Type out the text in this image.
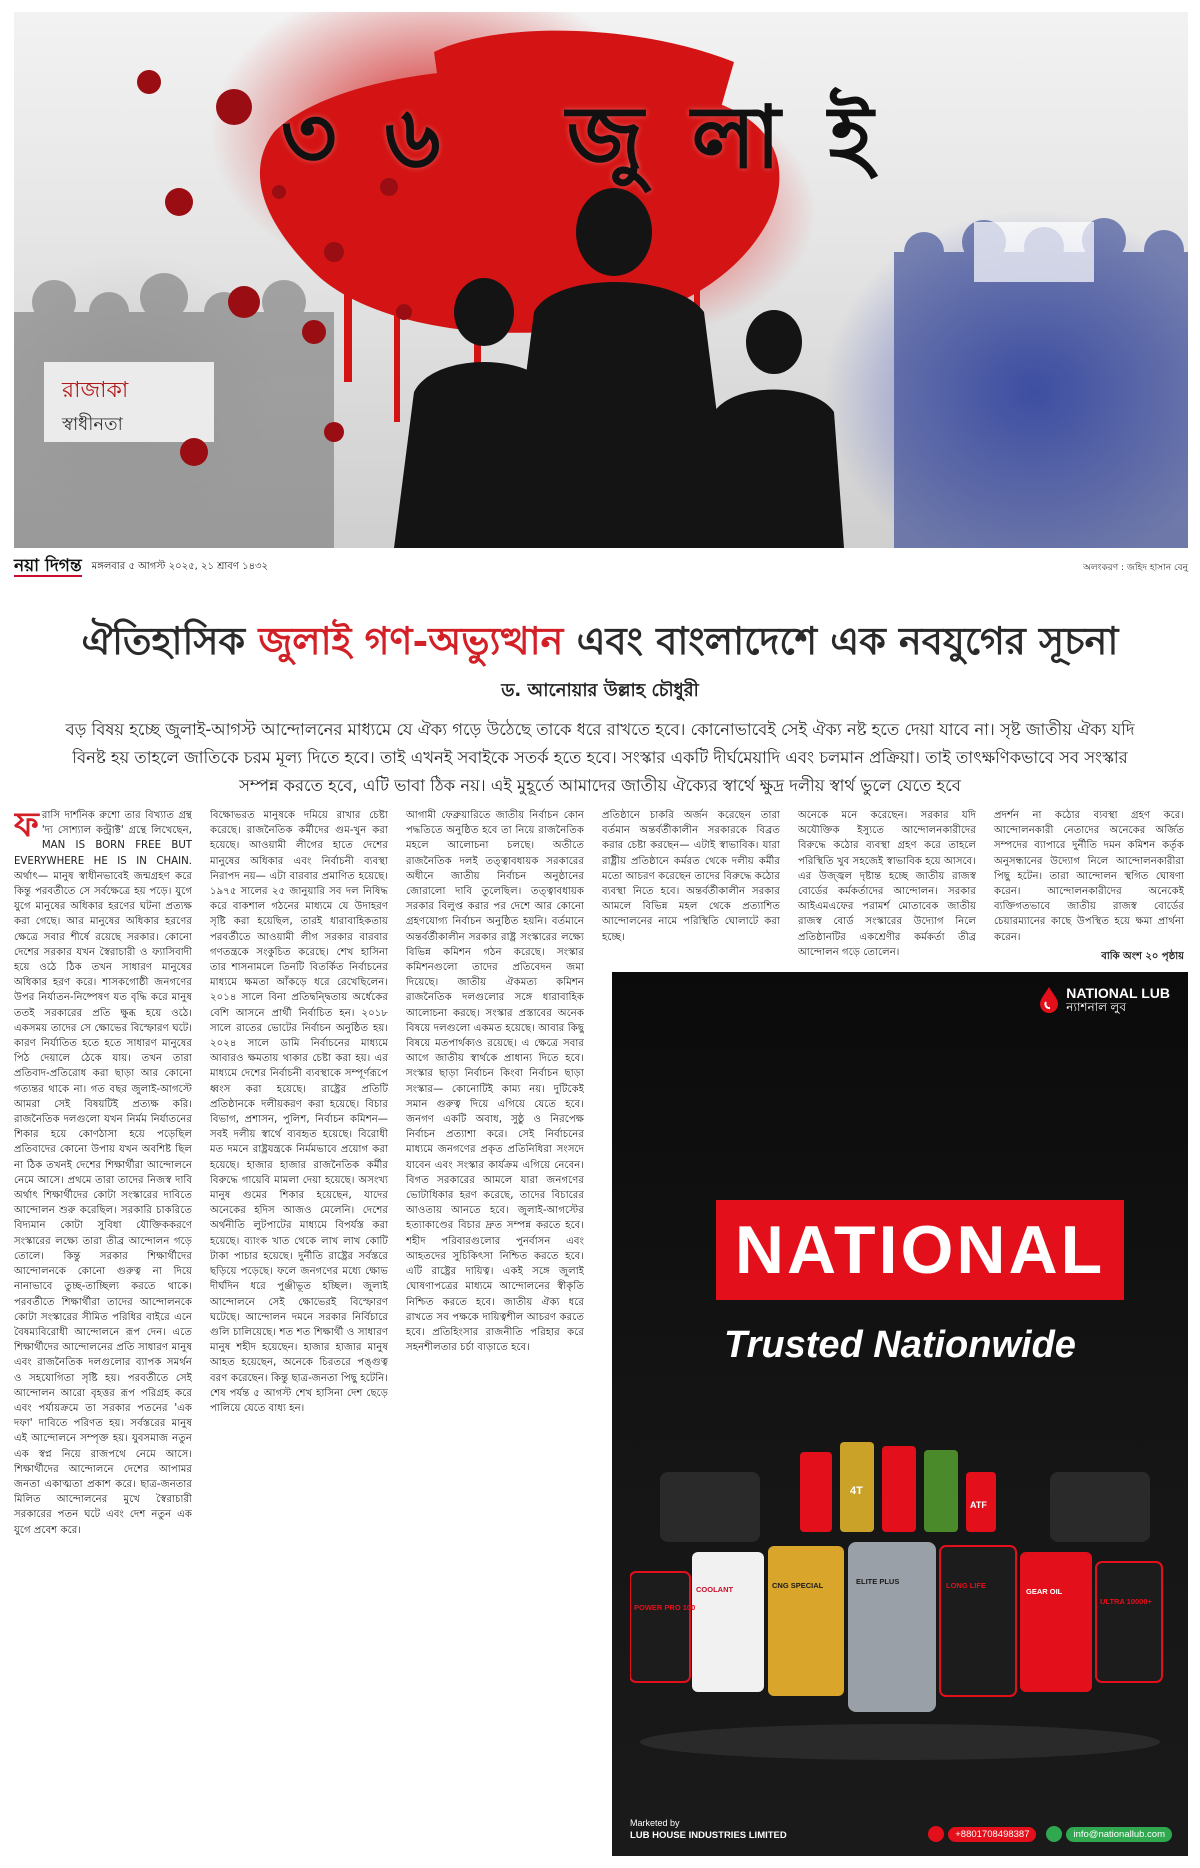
রাজাকা
স্বাধীনতা
৩৬ জুলাই
নয়া দিগন্ত মঙ্গলবার ৫ আগস্ট ২০২৫, ২১ শ্রাবণ ১৪৩২	অলংকরণ : জহিদ হাসান বেনু
ঐতিহাসিক জুলাই গণ-অভ্যুত্থান এবং বাংলাদেশে এক নবযুগের সূচনা
ড. আনোয়ার উল্লাহ চৌধুরী

বড় বিষয় হচ্ছে জুলাই-আগস্ট আন্দোলনের মাধ্যমে যে ঐক্য গড়ে উঠেছে তাকে ধরে রাখতে হবে। কোনোভাবেই সেই ঐক্য নষ্ট হতে দেয়া যাবে না। সৃষ্ট জাতীয় ঐক্য যদি বিনষ্ট হয় তাহলে জাতিকে চরম মূল্য দিতে হবে। তাই এখনই সবাইকে সতর্ক হতে হবে। সংস্কার একটি দীর্ঘমেয়াদি এবং চলমান প্রক্রিয়া। তাই তাৎক্ষণিকভাবে সব সংস্কার সম্পন্ন করতে হবে, এটি ভাবা ঠিক নয়। এই মুহূর্তে আমাদের জাতীয় ঐক্যের স্বার্থে ক্ষুদ্র দলীয় স্বার্থ ভুলে যেতে হবে

ফরাসি দার্শনিক রুশো তার বিখ্যাত গ্রন্থ 'দ্য সোশ্যাল কন্ট্রাক্ট' গ্রন্থে লিখেছেন, MAN IS BORN FREE BUT EVERYWHERE HE IS IN CHAIN. অর্থাৎ— মানুষ স্বাধীনভাবেই জন্মগ্রহণ করে কিন্তু পরবর্তীতে সে সর্বক্ষেত্রে হয় পড়ে। যুগে যুগে মানুষের অধিকার হরণের ঘটনা প্রত্যক্ষ করা গেছে। আর মানুষের অধিকার হরণের ক্ষেত্রে সবার শীর্ষে রয়েছে সরকার। কোনো দেশের সরকার যখন স্বৈরাচারী ও ফ্যাসিবাদী হয়ে ওঠে ঠিক তখন সাধারণ মানুষের অধিকার হরণ করে। শাসকগোষ্ঠী জনগণের উপর নির্যাতন-নিষ্পেষণ যত বৃদ্ধি করে মানুষ ততই সরকারের প্রতি ক্ষুব্ধ হয়ে ওঠে। একসময় তাদের সে ক্ষোভের বিস্ফোরণ ঘটে। কারণ নির্যাতিত হতে হতে সাধারণ মানুষের পিঠ দেয়ালে ঠেকে যায়। তখন তারা প্রতিবাদ-প্রতিরোধ করা ছাড়া আর কোনো গত্যন্তর থাকে না। গত বছর জুলাই-আগস্টে আমরা সেই বিষয়টিই প্রত্যক্ষ করি। রাজনৈতিক দলগুলো যখন নির্মম নির্যাতনের শিকার হয়ে কোণঠাসা হয়ে পড়েছিল প্রতিবাদের কোনো উপায় যখন অবশিষ্ট ছিল না ঠিক তখনই দেশের শিক্ষার্থীরা আন্দোলনে নেমে আসে। প্রথমে তারা তাদের নিজস্ব দাবি অর্থাৎ শিক্ষার্থীদের কোটা সংস্কারের দাবিতে আন্দোলন শুরু করেছিল। সরকারি চাকরিতে বিদ্যমান কোটা সুবিধা যৌক্তিককরণে সংস্কারের লক্ষ্যে তারা তীব্র আন্দোলন গড়ে তোলে। কিন্তু সরকার শিক্ষার্থীদের আন্দোলনকে কোনো গুরুত্ব না দিয়ে নানাভাবে তুচ্ছ-তাচ্ছিল্য করতে থাকে। পরবর্তীতে শিক্ষার্থীরা তাদের আন্দোলনকে কোটা সংস্কারের সীমিত পরিধির বাইরে এনে বৈষম্যবিরোধী আন্দোলনে রূপ দেন। এতে শিক্ষার্থীদের আন্দোলনের প্রতি সাধারণ মানুষ এবং রাজনৈতিক দলগুলোর ব্যাপক সমর্থন ও সহযোগিতা সৃষ্টি হয়। পরবর্তীতে সেই আন্দোলন আরো বৃহত্তর রূপ পরিগ্রহ করে এবং পর্যায়ক্রমে তা সরকার পতনের 'এক দফা' দাবিতে পরিণত হয়। সর্বস্তরের মানুষ এই আন্দোলনে সম্পৃক্ত হয়। যুবসমাজ নতুন এক স্বপ্ন নিয়ে রাজপথে নেমে আসে। শিক্ষার্থীদের আন্দোলনে দেশের আপামর জনতা একাত্মতা প্রকাশ করে। ছাত্র-জনতার মিলিত আন্দোলনের মুখে স্বৈরাচারী সরকারের পতন ঘটে এবং দেশ নতুন এক যুগে প্রবেশ করে।
বিক্ষোভরত মানুষকে দমিয়ে রাখার চেষ্টা করেছে। রাজনৈতিক কর্মীদের গুম-খুন করা হয়েছে। আওয়ামী লীগের হাতে দেশের মানুষের অধিকার এবং নির্বাচনী ব্যবস্থা নিরাপদ নয়— এটা বারবার প্রমাণিত হয়েছে। ১৯৭৫ সালের ২৫ জানুয়ারি সব দল নিষিদ্ধ করে বাকশাল গঠনের মাধ্যমে যে উদাহরণ সৃষ্টি করা হয়েছিল, তারই ধারাবাহিকতায় পরবর্তীতে আওয়ামী লীগ সরকার বারবার গণতন্ত্রকে সংকুচিত করেছে। শেখ হাসিনা তার শাসনামলে তিনটি বিতর্কিত নির্বাচনের মাধ্যমে ক্ষমতা আঁকড়ে ধরে রেখেছিলেন। ২০১৪ সালে বিনা প্রতিদ্বন্দ্বিতায় অর্ধেকের বেশি আসনে প্রার্থী নির্বাচিত হন। ২০১৮ সালে রাতের ভোটের নির্বাচন অনুষ্ঠিত হয়। ২০২৪ সালে ডামি নির্বাচনের মাধ্যমে আবারও ক্ষমতায় থাকার চেষ্টা করা হয়। এর মাধ্যমে দেশের নির্বাচনী ব্যবস্থাকে সম্পূর্ণরূপে ধ্বংস করা হয়েছে। রাষ্ট্রের প্রতিটি প্রতিষ্ঠানকে দলীয়করণ করা হয়েছে। বিচার বিভাগ, প্রশাসন, পুলিশ, নির্বাচন কমিশন— সবই দলীয় স্বার্থে ব্যবহৃত হয়েছে। বিরোধী মত দমনে রাষ্ট্রযন্ত্রকে নির্মমভাবে প্রয়োগ করা হয়েছে। হাজার হাজার রাজনৈতিক কর্মীর বিরুদ্ধে গায়েবি মামলা দেয়া হয়েছে। অসংখ্য মানুষ গুমের শিকার হয়েছেন, যাদের অনেকের হদিস আজও মেলেনি। দেশের অর্থনীতি লুটপাটের মাধ্যমে বিপর্যস্ত করা হয়েছে। ব্যাংক খাত থেকে লাখ লাখ কোটি টাকা পাচার হয়েছে। দুর্নীতি রাষ্ট্রের সর্বস্তরে ছড়িয়ে পড়েছে। ফলে জনগণের মধ্যে ক্ষোভ দীর্ঘদিন ধরে পুঞ্জীভূত হচ্ছিল। জুলাই আন্দোলনে সেই ক্ষোভেরই বিস্ফোরণ ঘটেছে। আন্দোলন দমনে সরকার নির্বিচারে গুলি চালিয়েছে। শত শত শিক্ষার্থী ও সাধারণ মানুষ শহীদ হয়েছেন। হাজার হাজার মানুষ আহত হয়েছেন, অনেকে চিরতরে পঙ্গুত্ব বরণ করেছেন। কিন্তু ছাত্র-জনতা পিছু হটেনি। শেষ পর্যন্ত ৫ আগস্ট শেখ হাসিনা দেশ ছেড়ে পালিয়ে যেতে বাধ্য হন।
আগামী ফেব্রুয়ারিতে জাতীয় নির্বাচন কোন পদ্ধতিতে অনুষ্ঠিত হবে তা নিয়ে রাজনৈতিক মহলে আলোচনা চলছে। অতীতে রাজনৈতিক দলই তত্ত্বাবধায়ক সরকারের অধীনে জাতীয় নির্বাচন অনুষ্ঠানের জোরালো দাবি তুলেছিল। তত্ত্বাবধায়ক সরকার বিলুপ্ত করার পর দেশে আর কোনো গ্রহণযোগ্য নির্বাচন অনুষ্ঠিত হয়নি। বর্তমানে অন্তর্বর্তীকালীন সরকার রাষ্ট্র সংস্কারের লক্ষ্যে বিভিন্ন কমিশন গঠন করেছে। সংস্কার কমিশনগুলো তাদের প্রতিবেদন জমা দিয়েছে। জাতীয় ঐকমত্য কমিশন রাজনৈতিক দলগুলোর সঙ্গে ধারাবাহিক আলোচনা করছে। সংস্কার প্রস্তাবের অনেক বিষয়ে দলগুলো একমত হয়েছে। আবার কিছু বিষয়ে মতপার্থক্যও রয়েছে। এ ক্ষেত্রে সবার আগে জাতীয় স্বার্থকে প্রাধান্য দিতে হবে। সংস্কার ছাড়া নির্বাচন কিংবা নির্বাচন ছাড়া সংস্কার— কোনোটিই কাম্য নয়। দুটিকেই সমান গুরুত্ব দিয়ে এগিয়ে যেতে হবে। জনগণ একটি অবাধ, সুষ্ঠু ও নিরপেক্ষ নির্বাচন প্রত্যাশা করে। সেই নির্বাচনের মাধ্যমে জনগণের প্রকৃত প্রতিনিধিরা সংসদে যাবেন এবং সংস্কার কার্যক্রম এগিয়ে নেবেন। বিগত সরকারের আমলে যারা জনগণের ভোটাধিকার হরণ করেছে, তাদের বিচারের আওতায় আনতে হবে। জুলাই-আগস্টের হত্যাকাণ্ডের বিচার দ্রুত সম্পন্ন করতে হবে। শহীদ পরিবারগুলোর পুনর্বাসন এবং আহতদের সুচিকিৎসা নিশ্চিত করতে হবে। এটি রাষ্ট্রের দায়িত্ব। একই সঙ্গে জুলাই ঘোষণাপত্রের মাধ্যমে আন্দোলনের স্বীকৃতি নিশ্চিত করতে হবে। জাতীয় ঐক্য ধরে রাখতে সব পক্ষকে দায়িত্বশীল আচরণ করতে হবে। প্রতিহিংসার রাজনীতি পরিহার করে সহনশীলতার চর্চা বাড়াতে হবে।
প্রতিষ্ঠানে চাকরি অর্জন করেছেন তারা বর্তমান অন্তর্বর্তীকালীন সরকারকে বিব্রত করার চেষ্টা করছেন— এটাই স্বাভাবিক। যারা রাষ্ট্রীয় প্রতিষ্ঠানে কর্মরত থেকে দলীয় কর্মীর মতো আচরণ করেছেন তাদের বিরুদ্ধে কঠোর ব্যবস্থা নিতে হবে। অন্তর্বর্তীকালীন সরকার আমলে বিভিন্ন মহল থেকে প্রত্যাশিত আন্দোলনের নামে পরিস্থিতি ঘোলাটে করা হচ্ছে।
অনেকে মনে করেছেন। সরকার যদি অযৌক্তিক ইস্যুতে আন্দোলনকারীদের বিরুদ্ধে কঠোর ব্যবস্থা গ্রহণ করে তাহলে পরিস্থিতি খুব সহজেই স্বাভাবিক হয়ে আসবে। এর উজ্জ্বল দৃষ্টান্ত হচ্ছে জাতীয় রাজস্ব বোর্ডের কর্মকর্তাদের আন্দোলন। সরকার আইএমএফের পরামর্শ মোতাবেক জাতীয় রাজস্ব বোর্ড সংস্কারের উদ্যোগ নিলে প্রতিষ্ঠানটির একশ্রেণীর কর্মকর্তা তীব্র আন্দোলন গড়ে তোলেন।
প্রদর্শন না কঠোর ব্যবস্থা গ্রহণ করে। আন্দোলনকারী নেতাদের অনেকের অর্জিত সম্পদের ব্যাপারে দুর্নীতি দমন কমিশন কর্তৃক অনুসন্ধানের উদ্যোগ নিলে আন্দোলনকারীরা পিছু হটেন। তারা আন্দোলন স্থগিত ঘোষণা করেন। আন্দোলনকারীদের অনেকেই ব্যক্তিগতভাবে জাতীয় রাজস্ব বোর্ডের চেয়ারম্যানের কাছে উপস্থিত হয়ে ক্ষমা প্রার্থনা করেন।
বাকি অংশ ২০ পৃষ্ঠায়
NATIONAL LUB
ন্যাশনাল লুব
NATIONAL
Trusted Nationwide
4T
ATF
POWER PRO 100
COOLANT	CNG SPECIAL	ELITE PLUS	LONG LIFE
GEAR OIL
ULTRA 10000+
Marketed by
LUB HOUSE INDUSTRIES LIMITED	+8801708498387	info@nationallub.com
